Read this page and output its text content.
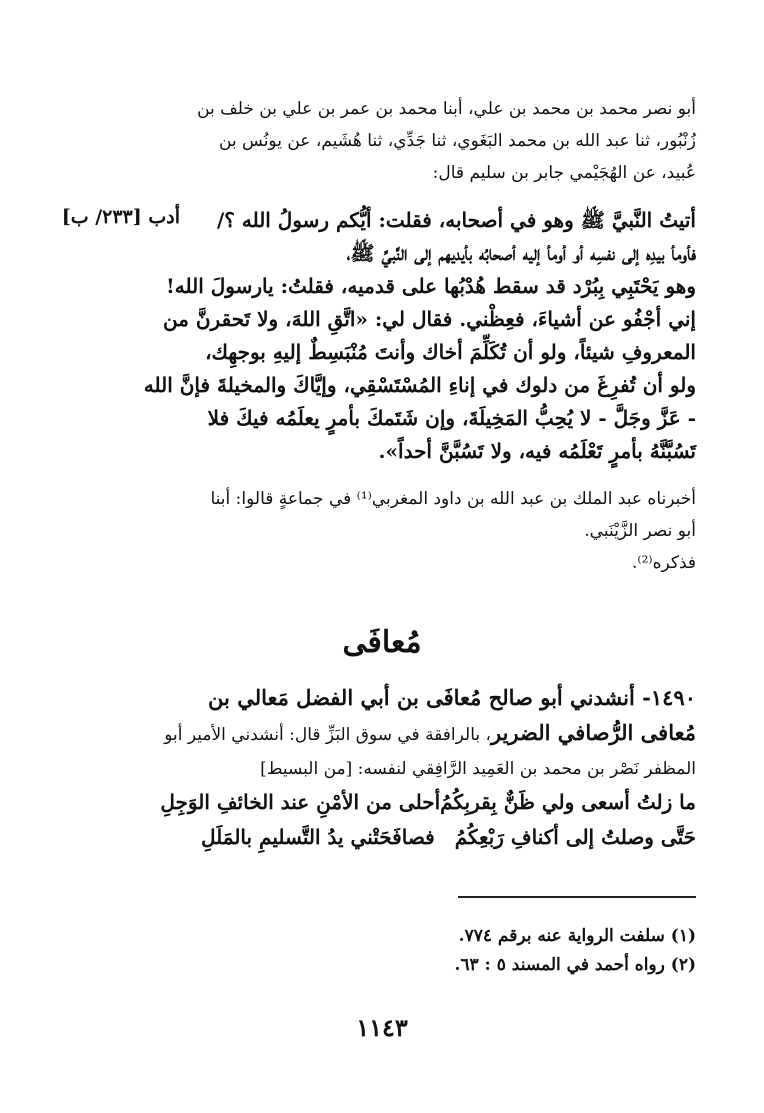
أبو نصر محمد بن محمد بن علي، أبنا محمد بن عمر بن علي بن خلف بن
زُنْبُور، ثنا عبد الله بن محمد البَغَوي، ثنا جَدِّي، ثنا هُشَيم، عن يونُس بن
عُبيد، عن الهُجَيْمي جابر بن سليم قال:
أدب [٢٣٣/ ب]	أتيتُ النَّبيَّ ﷺ وهو في أصحابه، فقلت: أيُّكم رسولُ الله ؟/
فأومأ بيدِه إلى نفسِه أو أومأ إليه أصحابُه بأيديهم إلى النَّبيِّ ﷺ،
وهو يَحْتَبِي بِبُرْد قد سقط هُدْبُها على قدميه، فقلتُ: يارسولَ الله!
إني أجْفُو عن أشياءَ، فعِظْني. فقال لي: «اتَّقِ اللهَ، ولا تَحقرنَّ من
المعروفِ شيئاً، ولو أن تُكَلِّمَ أخاك وأنتَ مُنْبَسِطٌ إليهِ بوجهِك،
ولو أن تُفرِغَ من دلوك في إناءِ المُسْتَسْقِي، وإيَّاكَ والمخيلةَ فإنَّ الله
- عَزَّ وجَلَّ - لا يُحِبُّ المَخِيلَةَ، وإن شَتَمكَ بأمرٍ يعلَمُه فيكَ فلا
تَسُبَّنَّهُ بأمرٍ تَعْلَمُه فيه، ولا تَسُبَّنَّ أحداً».
أخبرناه عبد الملك بن عبد الله بن داود المغربي⁽¹⁾ في جماعةٍ قالوا: أبنا
أبو نصر الزَّيْنَبي.
فذكره⁽²⁾.
مُعافَى
١٤٩٠- أنشدني أبو صالح مُعافَى بن أبي الفضل مَعالي بن
مُعافى الرُّصافي الضرير، بالرافقة في سوق البَزِّ قال: أنشدني الأمير أبو
المظفر نَصْر بن محمد بن العَمِيد الرَّافِقي لنفسه: [من البسيط]
ما زلتُ أسعى ولي ظَنٌّ بِقربِكُمُ
أحلى من الأمْنِ عند الخائفِ الوَجِلِ
حَتَّى وصلتُ إلى أكنافِ رَبْعِكُمُ
فصافَحَتْني يدُ التَّسليمِ بالمَلَلِ
(١) سلفت الرواية عنه برقم ٧٧٤.
(٢) رواه أحمد في المسند ٥ : ٦٣.
١١٤٣
